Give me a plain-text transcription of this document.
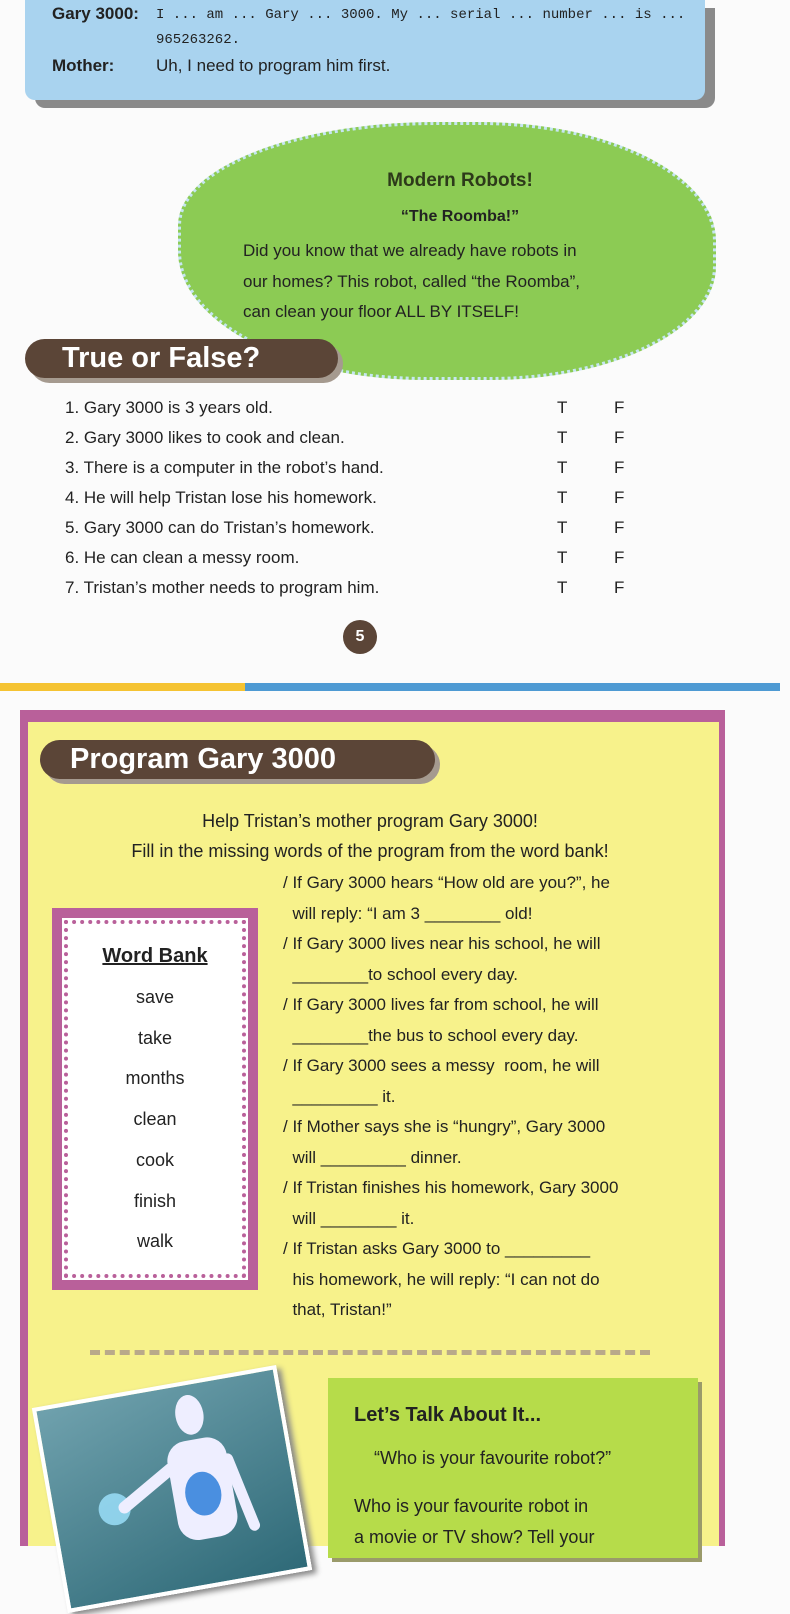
Gary 3000: I ... am ... Gary ... 3000. My ... serial ... number ... is ...
965263262.
Mother: Uh, I need to program him first.
Modern Robots!
“The Roomba!”
Did you know that we already have robots in
our homes? This robot, called “the Roomba”,
can clean your floor ALL BY ITSELF!
True or False?
1. Gary 3000 is 3 years old.	T	F
2. Gary 3000 likes to cook and clean.	T	F
3. There is a computer in the robot’s hand.	T	F
4. He will help Tristan lose his homework.	T	F
5. Gary 3000 can do Tristan’s homework.	T	F
6. He can clean a messy room.	T	F
7. Tristan’s mother needs to program him.	T	F
5
Program Gary 3000
Help Tristan’s mother program Gary 3000!
Fill in the missing words of the program from the word bank!
Word Bank
save
take
months
clean
cook
finish
walk
/ If Gary 3000 hears “How old are you?”, he
will reply: “I am 3 ________ old!
/ If Gary 3000 lives near his school, he will
________to school every day.
/ If Gary 3000 lives far from school, he will
________the bus to school every day.
/ If Gary 3000 sees a messy  room, he will
_________ it.
/ If Mother says she is “hungry”, Gary 3000
will _________ dinner.
/ If Tristan finishes his homework, Gary 3000
will ________ it.
/ If Tristan asks Gary 3000 to _________
his homework, he will reply: “I can not do
that, Tristan!”
Let’s Talk About It...
“Who is your favourite robot?”
Who is your favourite robot in
a movie or TV show? Tell your
